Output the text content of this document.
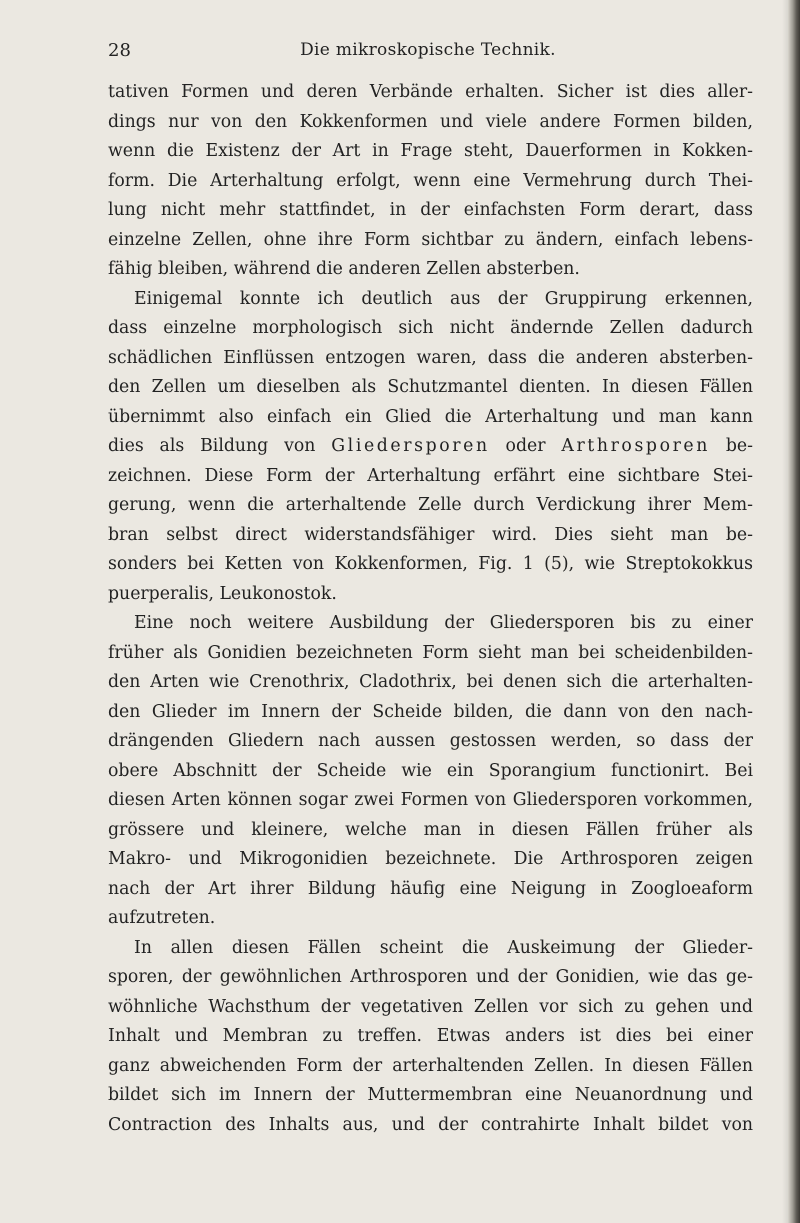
28	Die mikroskopische Technik.

tativen Formen und deren Verbände erhalten. Sicher ist dies aller-
dings nur von den Kokkenformen und viele andere Formen bilden,
wenn die Existenz der Art in Frage steht, Dauerformen in Kokken-
form. Die Arterhaltung erfolgt, wenn eine Vermehrung durch Thei-
lung nicht mehr stattfindet, in der einfachsten Form derart, dass
einzelne Zellen, ohne ihre Form sichtbar zu ändern, einfach lebens-
fähig bleiben, während die anderen Zellen absterben.

Einigemal konnte ich deutlich aus der Gruppirung erkennen,
dass einzelne morphologisch sich nicht ändernde Zellen dadurch
schädlichen Einflüssen entzogen waren, dass die anderen absterben-
den Zellen um dieselben als Schutzmantel dienten. In diesen Fällen
übernimmt also einfach ein Glied die Arterhaltung und man kann
dies als Bildung von Gliedersporen oder Arthrosporen be-
zeichnen. Diese Form der Arterhaltung erfährt eine sichtbare Stei-
gerung, wenn die arterhaltende Zelle durch Verdickung ihrer Mem-
bran selbst direct widerstandsfähiger wird. Dies sieht man be-
sonders bei Ketten von Kokkenformen, Fig. 1 (5), wie Streptokokkus
puerperalis, Leukonostok.

Eine noch weitere Ausbildung der Gliedersporen bis zu einer
früher als Gonidien bezeichneten Form sieht man bei scheidenbilden-
den Arten wie Crenothrix, Cladothrix, bei denen sich die arterhalten-
den Glieder im Innern der Scheide bilden, die dann von den nach-
drängenden Gliedern nach aussen gestossen werden, so dass der
obere Abschnitt der Scheide wie ein Sporangium functionirt. Bei
diesen Arten können sogar zwei Formen von Gliedersporen vorkommen,
grössere und kleinere, welche man in diesen Fällen früher als
Makro- und Mikrogonidien bezeichnete. Die Arthrosporen zeigen
nach der Art ihrer Bildung häufig eine Neigung in Zoogloeaform
aufzutreten.

In allen diesen Fällen scheint die Auskeimung der Glieder-
sporen, der gewöhnlichen Arthrosporen und der Gonidien, wie das ge-
wöhnliche Wachsthum der vegetativen Zellen vor sich zu gehen und
Inhalt und Membran zu treffen. Etwas anders ist dies bei einer
ganz abweichenden Form der arterhaltenden Zellen. In diesen Fällen
bildet sich im Innern der Muttermembran eine Neuanordnung und
Contraction des Inhalts aus, und der contrahirte Inhalt bildet von
